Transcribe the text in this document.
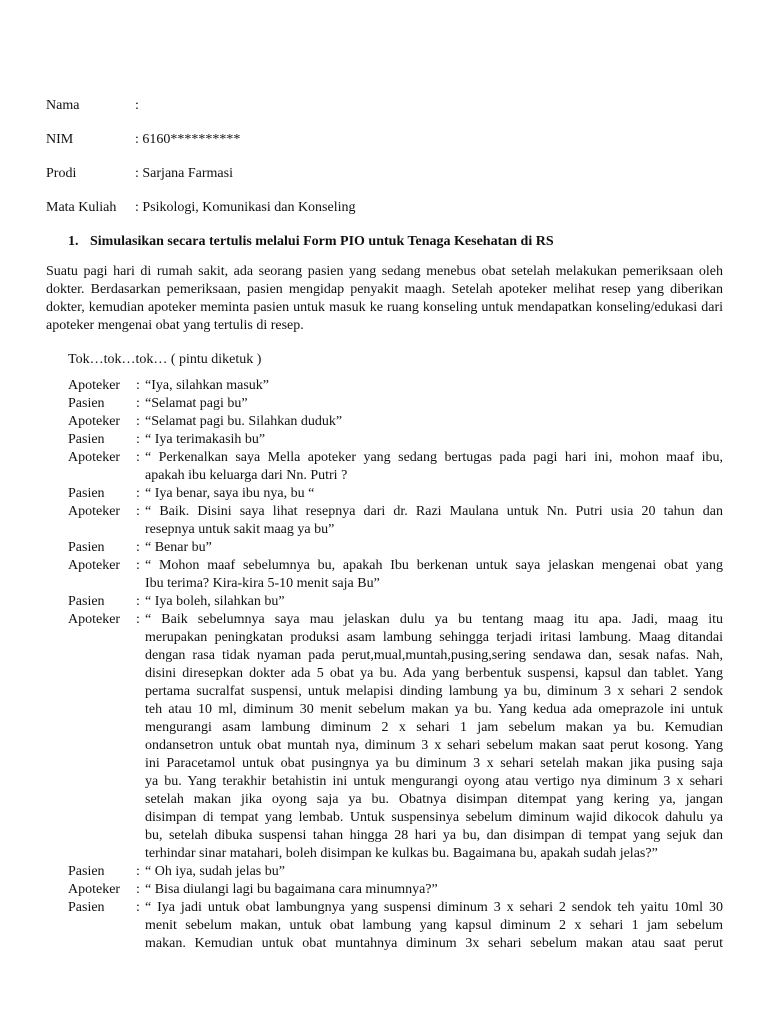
Nama	:
NIM	: 6160**********
Prodi	: Sarjana Farmasi
Mata Kuliah : Psikologi, Komunikasi dan Konseling
1. Simulasikan secara tertulis melalui Form PIO untuk Tenaga Kesehatan di RS
Suatu pagi hari di rumah sakit, ada seorang pasien yang sedang menebus obat setelah melakukan pemeriksaan oleh dokter. Berdasarkan pemeriksaan, pasien mengidap penyakit maagh. Setelah apoteker melihat resep yang diberikan dokter, kemudian apoteker meminta pasien untuk masuk ke ruang konseling untuk mendapatkan konseling/edukasi dari apoteker mengenai obat yang tertulis di resep.
Tok…tok…tok… ( pintu diketuk )
Apoteker	: “Iya, silahkan masuk”
Pasien	: “Selamat pagi bu”
Apoteker	: “Selamat pagi bu. Silahkan duduk”
Pasien	: “ Iya terimakasih bu”
Apoteker	: “ Perkenalkan saya Mella apoteker yang sedang bertugas pada pagi hari ini, mohon maaf ibu,
apakah ibu keluarga dari Nn. Putri ?
Pasien	: “ Iya benar, saya ibu nya, bu “
Apoteker	: “ Baik. Disini saya lihat resepnya dari dr. Razi Maulana untuk Nn. Putri usia 20 tahun dan
resepnya untuk sakit maag ya bu”
Pasien	: “ Benar bu”
Apoteker	: “ Mohon maaf sebelumnya bu, apakah Ibu berkenan untuk saya jelaskan mengenai obat yang
Ibu terima? Kira-kira 5-10 menit saja Bu”
Pasien	: “ Iya boleh, silahkan bu”
Apoteker	: “ Baik sebelumnya saya mau jelaskan dulu ya bu tentang maag itu apa. Jadi, maag itu
merupakan peningkatan produksi asam lambung sehingga terjadi iritasi lambung. Maag ditandai
dengan rasa tidak nyaman pada perut,mual,muntah,pusing,sering sendawa dan, sesak nafas. Nah,
disini diresepkan dokter ada 5 obat ya bu. Ada yang berbentuk suspensi, kapsul dan tablet. Yang
pertama sucralfat suspensi, untuk melapisi dinding lambung ya bu, diminum 3 x sehari 2 sendok
teh atau 10 ml, diminum 30 menit sebelum makan ya bu. Yang kedua ada omeprazole ini untuk
mengurangi asam lambung diminum 2 x sehari 1 jam sebelum makan ya bu. Kemudian
ondansetron untuk obat muntah nya, diminum 3 x sehari sebelum makan saat perut kosong. Yang
ini Paracetamol untuk obat pusingnya ya bu diminum 3 x sehari setelah makan jika pusing saja
ya bu. Yang terakhir betahistin ini untuk mengurangi oyong atau vertigo nya diminum 3 x sehari
setelah makan jika oyong saja ya bu. Obatnya disimpan ditempat yang kering ya, jangan
disimpan di tempat yang lembab. Untuk suspensinya sebelum diminum wajid dikocok dahulu ya
bu, setelah dibuka suspensi tahan hingga 28 hari ya bu, dan disimpan di tempat yang sejuk dan
terhindar sinar matahari, boleh disimpan ke kulkas bu. Bagaimana bu, apakah sudah jelas?”
Pasien	: “ Oh iya, sudah jelas bu”
Apoteker	: “ Bisa diulangi lagi bu bagaimana cara minumnya?”
Pasien	: “ Iya jadi untuk obat lambungnya yang suspensi diminum 3 x sehari 2 sendok teh yaitu 10ml 30
menit sebelum makan, untuk obat lambung yang kapsul diminum 2 x sehari 1 jam sebelum
makan. Kemudian untuk obat muntahnya diminum 3x sehari sebelum makan atau saat perut
